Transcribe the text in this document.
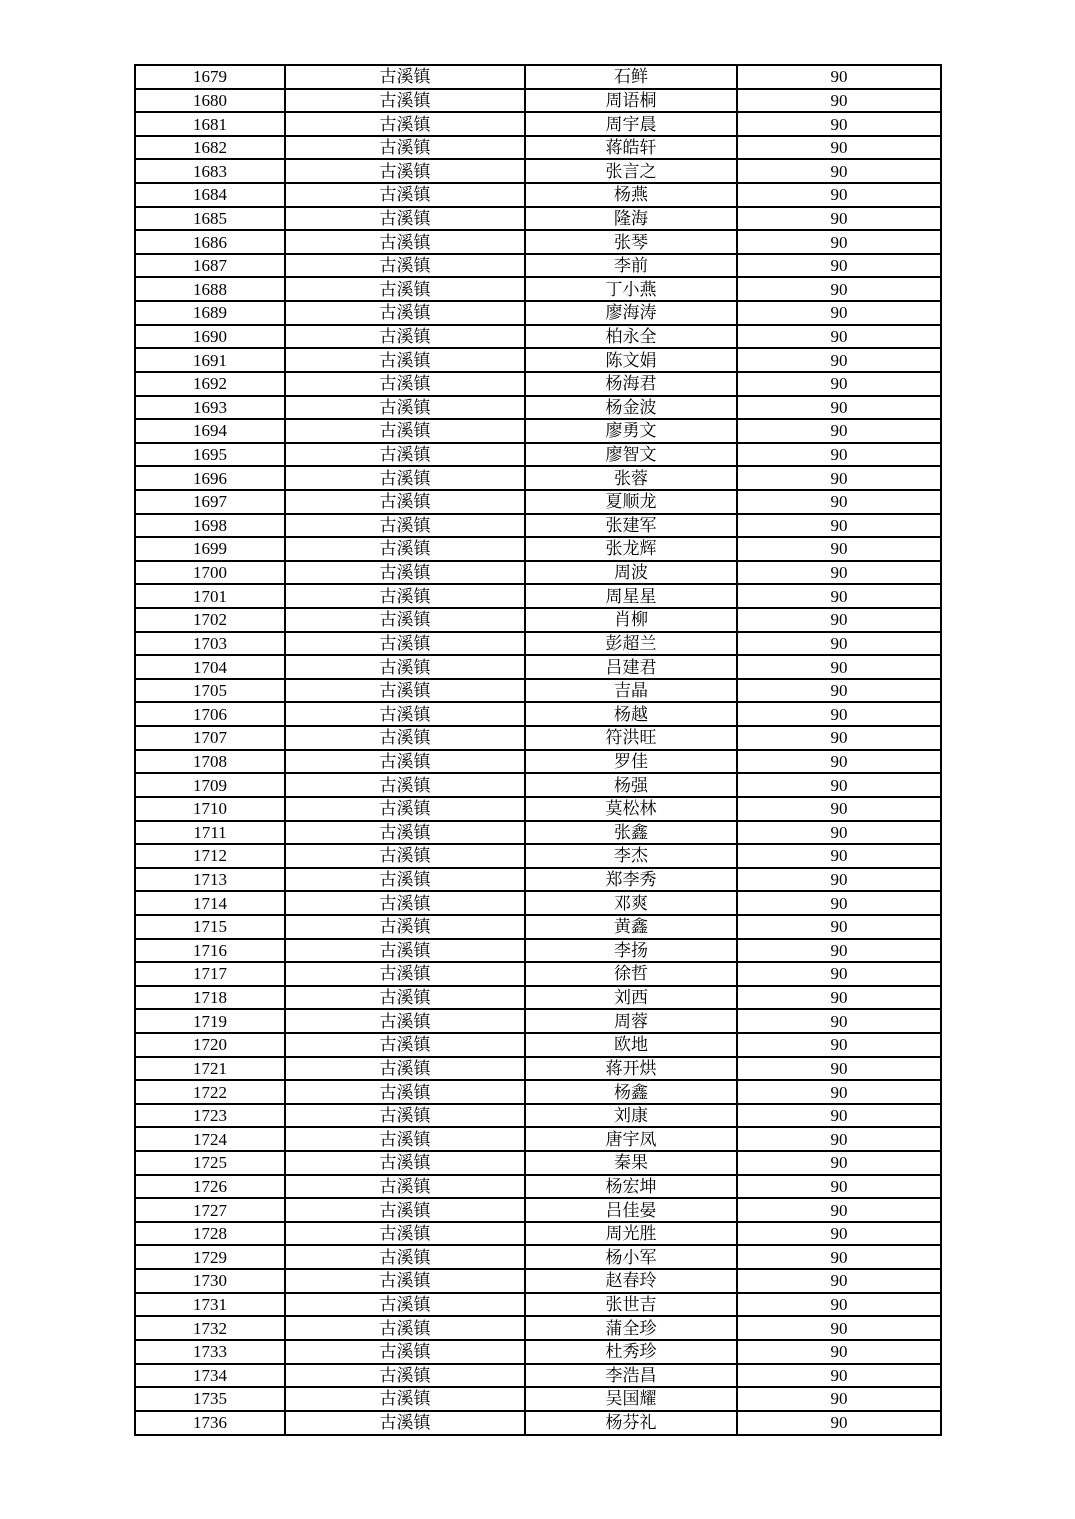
1679	古溪镇	石鲜	90
1680	古溪镇	周语桐	90
1681	古溪镇	周宇晨	90
1682	古溪镇	蒋皓轩	90
1683	古溪镇	张言之	90
1684	古溪镇	杨燕	90
1685	古溪镇	隆海	90
1686	古溪镇	张琴	90
1687	古溪镇	李前	90
1688	古溪镇	丁小燕	90
1689	古溪镇	廖海涛	90
1690	古溪镇	柏永全	90
1691	古溪镇	陈文娟	90
1692	古溪镇	杨海君	90
1693	古溪镇	杨金波	90
1694	古溪镇	廖勇文	90
1695	古溪镇	廖智文	90
1696	古溪镇	张蓉	90
1697	古溪镇	夏顺龙	90
1698	古溪镇	张建军	90
1699	古溪镇	张龙辉	90
1700	古溪镇	周波	90
1701	古溪镇	周星星	90
1702	古溪镇	肖柳	90
1703	古溪镇	彭超兰	90
1704	古溪镇	吕建君	90
1705	古溪镇	吉晶	90
1706	古溪镇	杨越	90
1707	古溪镇	符洪旺	90
1708	古溪镇	罗佳	90
1709	古溪镇	杨强	90
1710	古溪镇	莫松林	90
1711	古溪镇	张鑫	90
1712	古溪镇	李杰	90
1713	古溪镇	郑李秀	90
1714	古溪镇	邓爽	90
1715	古溪镇	黄鑫	90
1716	古溪镇	李扬	90
1717	古溪镇	徐哲	90
1718	古溪镇	刘西	90
1719	古溪镇	周蓉	90
1720	古溪镇	欧地	90
1721	古溪镇	蒋开烘	90
1722	古溪镇	杨鑫	90
1723	古溪镇	刘康	90
1724	古溪镇	唐宇凤	90
1725	古溪镇	秦果	90
1726	古溪镇	杨宏坤	90
1727	古溪镇	吕佳晏	90
1728	古溪镇	周光胜	90
1729	古溪镇	杨小军	90
1730	古溪镇	赵春玲	90
1731	古溪镇	张世吉	90
1732	古溪镇	蒲全珍	90
1733	古溪镇	杜秀珍	90
1734	古溪镇	李浩昌	90
1735	古溪镇	吴国耀	90
1736	古溪镇	杨芬礼	90
